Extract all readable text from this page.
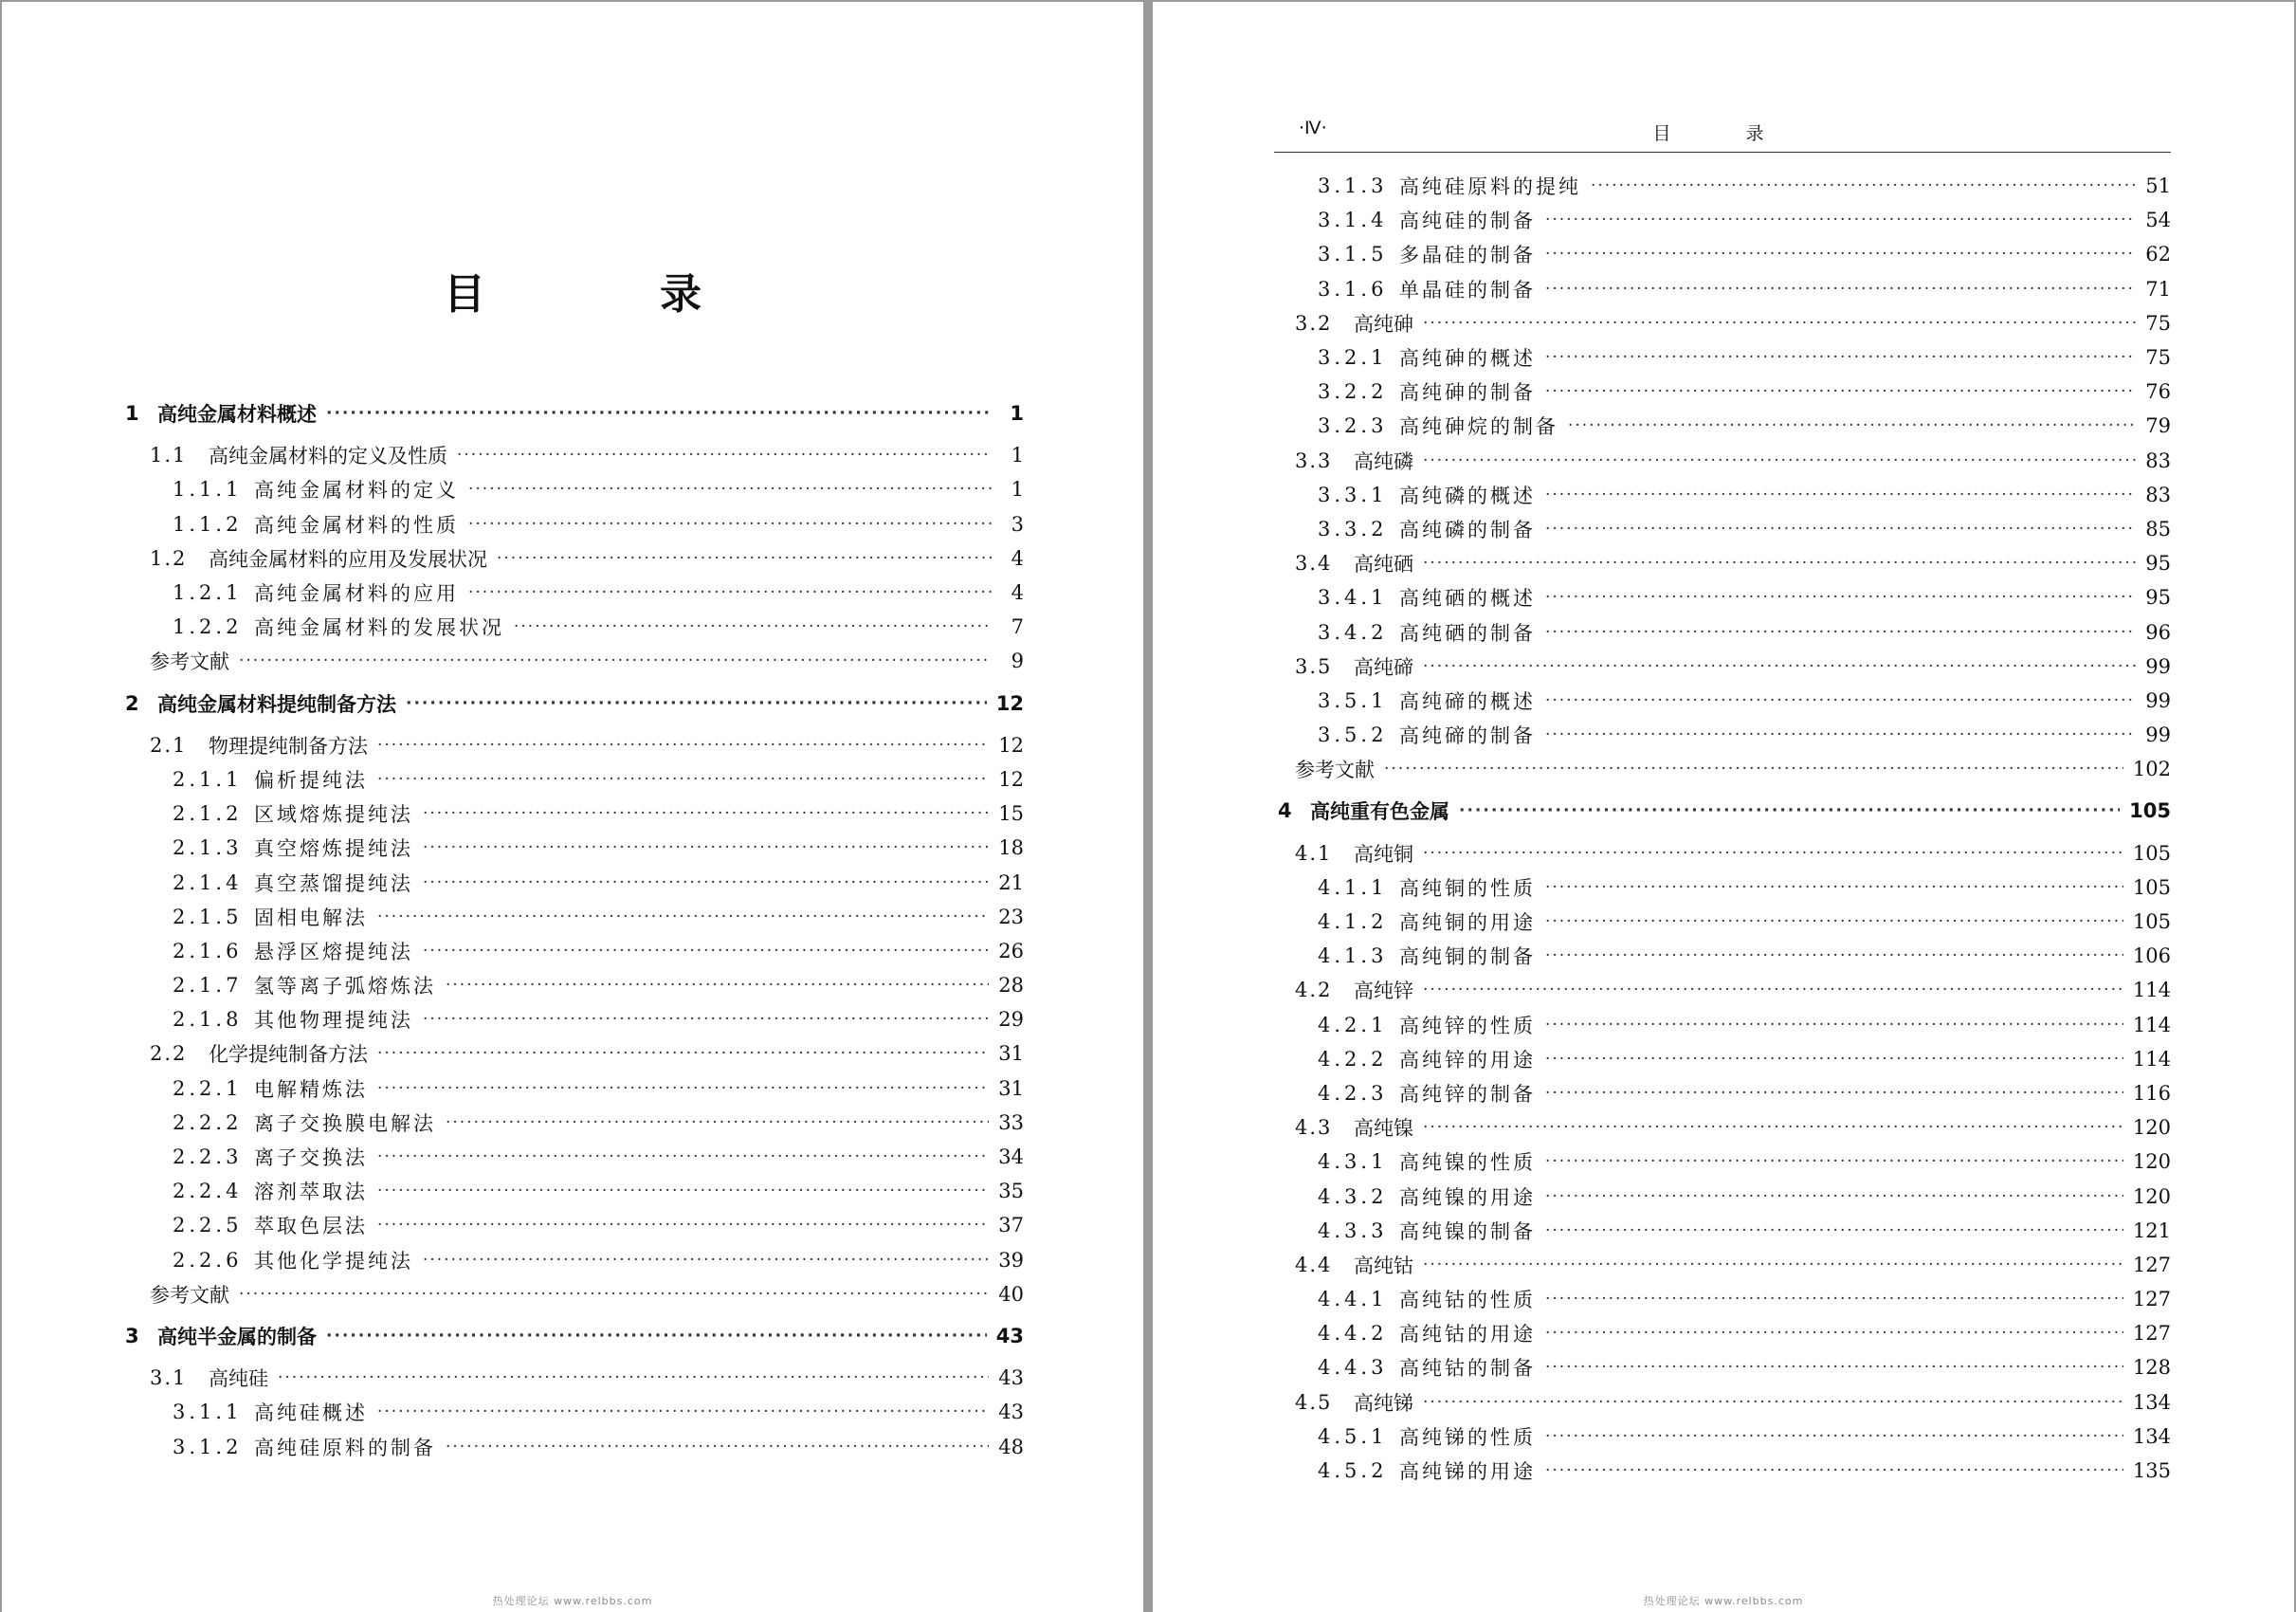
目　录
1 高纯金属材料概述 ·····	1
1.1	高纯金属材料的定义及性质 ·····	1
1.1.1 高纯金属材料的定义 ·····	1
1.1.2 高纯金属材料的性质 ·····	3
1.2	高纯金属材料的应用及发展状况 ·····	4
1.2.1 高纯金属材料的应用 ·····	4
1.2.2 高纯金属材料的发展状况 ·····	7
参考文献 ·····	9
2 高纯金属材料提纯制备方法 ·····	12
2.1	物理提纯制备方法 ·····	12
2.1.1 偏析提纯法 ·····	12
2.1.2 区域熔炼提纯法 ·····	15
2.1.3 真空熔炼提纯法 ·····	18
2.1.4 真空蒸馏提纯法 ·····	21
2.1.5 固相电解法 ·····	23
2.1.6 悬浮区熔提纯法 ·····	26
2.1.7 氢等离子弧熔炼法 ·····	28
2.1.8 其他物理提纯法 ·····	29
2.2	化学提纯制备方法 ·····	31
2.2.1 电解精炼法 ·····	31
2.2.2 离子交换膜电解法 ·····	33
2.2.3 离子交换法 ·····	34
2.2.4 溶剂萃取法 ·····	35
2.2.5 萃取色层法 ·····	37
2.2.6 其他化学提纯法 ·····	39
参考文献 ·····	40
3 高纯半金属的制备 ·····	43
3.1	高纯硅 ·····	43
3.1.1 高纯硅概述 ·····	43
3.1.2 高纯硅原料的制备 ·····	48
热处理论坛 www.relbbs.com
·Ⅳ·	目　录
3.1.3 高纯硅原料的提纯 ·····	51
3.1.4 高纯硅的制备 ·····	54
3.1.5 多晶硅的制备 ·····	62
3.1.6 单晶硅的制备 ·····	71
3.2	高纯砷 ·····	75
3.2.1 高纯砷的概述 ·····	75
3.2.2 高纯砷的制备 ·····	76
3.2.3 高纯砷烷的制备 ·····	79
3.3	高纯磷 ·····	83
3.3.1 高纯磷的概述 ·····	83
3.3.2 高纯磷的制备 ·····	85
3.4	高纯硒 ·····	95
3.4.1 高纯硒的概述 ·····	95
3.4.2 高纯硒的制备 ·····	96
3.5	高纯碲 ·····	99
3.5.1 高纯碲的概述 ·····	99
3.5.2 高纯碲的制备 ·····	99
参考文献 ·····	102
4 高纯重有色金属 ·····	105
4.1	高纯铜 ·····	105
4.1.1 高纯铜的性质 ·····	105
4.1.2 高纯铜的用途 ·····	105
4.1.3 高纯铜的制备 ·····	106
4.2	高纯锌 ·····	114
4.2.1 高纯锌的性质 ·····	114
4.2.2 高纯锌的用途 ·····	114
4.2.3 高纯锌的制备 ·····	116
4.3	高纯镍 ·····	120
4.3.1 高纯镍的性质 ·····	120
4.3.2 高纯镍的用途 ·····	120
4.3.3 高纯镍的制备 ·····	121
4.4	高纯钴 ·····	127
4.4.1 高纯钴的性质 ·····	127
4.4.2 高纯钴的用途 ·····	127
4.4.3 高纯钴的制备 ·····	128
4.5	高纯锑 ·····	134
4.5.1 高纯锑的性质 ·····	134
4.5.2 高纯锑的用途 ·····	135
热处理论坛 www.relbbs.com
